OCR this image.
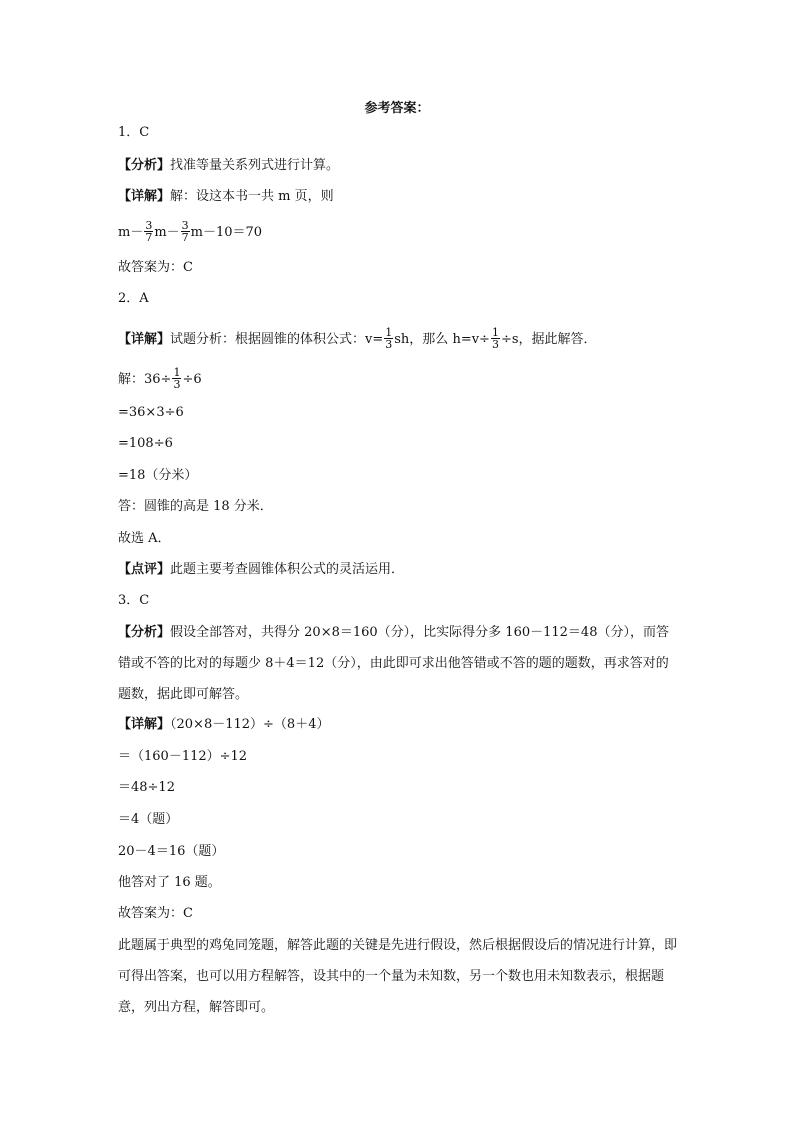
参考答案：
1．C
【分析】找准等量关系列式进行计算。
【详解】解：设这本书一共 m 页，则
$m- \frac{3}{7} m- \frac{3}{7} m-10=70$
故答案为：C
2．A
【详解】试题分析：根据圆锥的体积公式：$v= \frac{1}{3}$ sh，那么 $h=v\div \frac{1}{3} \div s$，据此解答．
解：$36\div \frac{1}{3} \div 6$
=36×3÷6
=108÷6
=18（分米）
答：圆锥的高是 18 分米．
故选 A．
【点评】此题主要考查圆锥体积公式的灵活运用．
3．C
【分析】假设全部答对，共得分 20×8＝160（分），比实际得分多 160－112＝48（分），而答错或不答的比对的每题少 8＋4＝12（分），由此即可求出他答错或不答的题的题数，再求答对的题数，据此即可解答。
【详解】（20×8－112）÷（8＋4）
＝（160－112）÷12
＝48÷12
＝4（题）
20－4＝16（题）
他答对了 16 题。
故答案为：C
此题属于典型的鸡兔同笼题，解答此题的关键是先进行假设，然后根据假设后的情况进行计算，即可得出答案，也可以用方程解答，设其中的一个量为未知数，另一个数也用未知数表示，根据题意，列出方程，解答即可。
